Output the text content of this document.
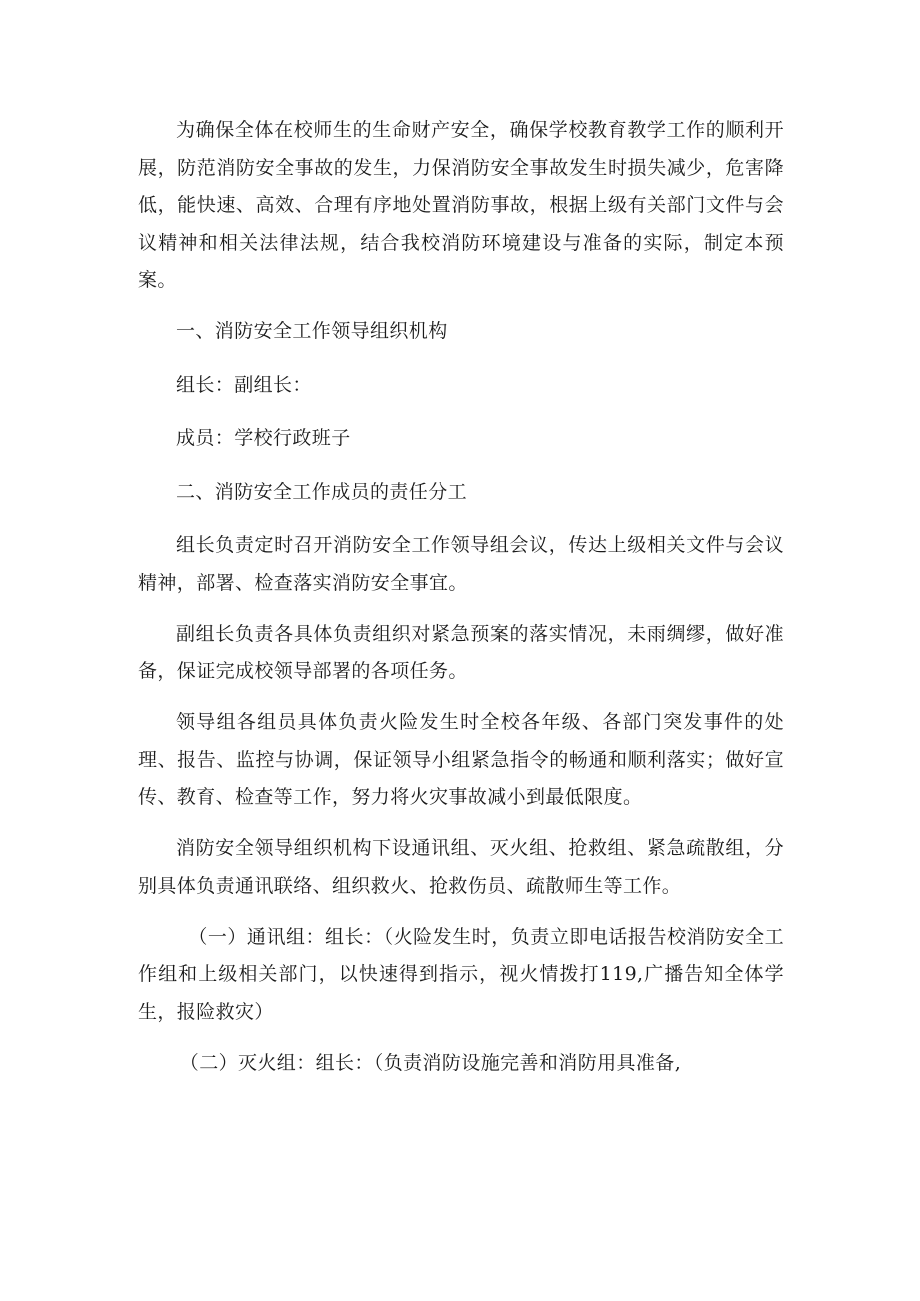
为确保全体在校师生的生命财产安全，确保学校教育教学工作的顺利开展，防范消防安全事故的发生，力保消防安全事故发生时损失减少，危害降低，能快速、高效、合理有序地处置消防事故，根据上级有关部门文件与会议精神和相关法律法规，结合我校消防环境建设与准备的实际，制定本预案。

一、消防安全工作领导组织机构

组长：副组长：

成员：学校行政班子

二、消防安全工作成员的责任分工

组长负责定时召开消防安全工作领导组会议，传达上级相关文件与会议精神，部署、检查落实消防安全事宜。

副组长负责各具体负责组织对紧急预案的落实情况，未雨绸缪，做好准备，保证完成校领导部署的各项任务。

领导组各组员具体负责火险发生时全校各年级、各部门突发事件的处理、报告、监控与协调，保证领导小组紧急指令的畅通和顺利落实；做好宣传、教育、检查等工作，努力将火灾事故减小到最低限度。

消防安全领导组织机构下设通讯组、灭火组、抢救组、紧急疏散组，分别具体负责通讯联络、组织救火、抢救伤员、疏散师生等工作。

（一）通讯组：组长：（火险发生时，负责立即电话报告校消防安全工作组和上级相关部门，以快速得到指示，视火情拨打119,广播告知全体学生，报险救灾）

（二）灭火组：组长：（负责消防设施完善和消防用具准备,
